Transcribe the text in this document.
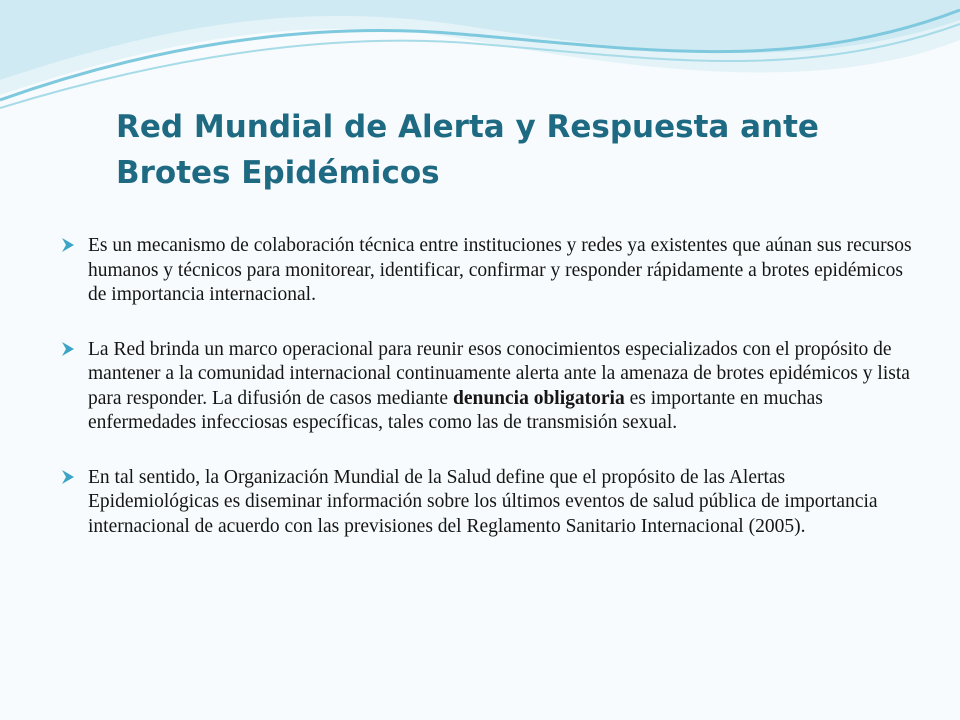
Red Mundial de Alerta y Respuesta ante Brotes Epidémicos
Es un mecanismo de colaboración técnica entre instituciones y redes ya existentes que aúnan sus recursos humanos y técnicos para monitorear, identificar, confirmar y responder rápidamente a brotes epidémicos de importancia internacional.
La Red brinda un marco operacional para reunir esos conocimientos especializados con el propósito de mantener a la comunidad internacional continuamente alerta ante la amenaza de brotes epidémicos y lista para responder. La difusión de casos mediante denuncia obligatoria es importante en muchas enfermedades infecciosas específicas, tales como las de transmisión sexual.
En tal sentido, la Organización Mundial de la Salud define que el propósito de las Alertas Epidemiológicas es diseminar información sobre los últimos eventos de salud pública de importancia internacional de acuerdo con las previsiones del Reglamento Sanitario Internacional (2005).
